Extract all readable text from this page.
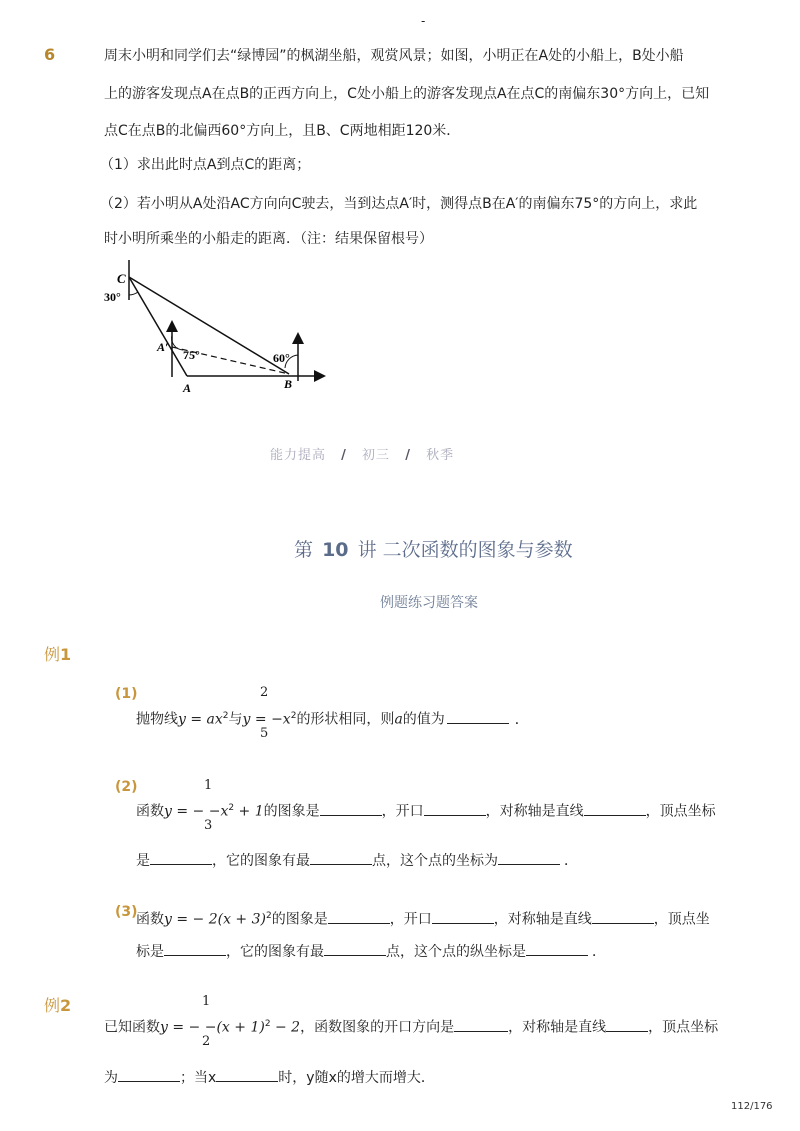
-
6	周末小明和同学们去“绿博园”的枫湖坐船，观赏风景；如图，小明正在A处的小船上，B处小船
上的游客发现点A在点B的正西方向上，C处小船上的游客发现点A在点C的南偏东30°方向上，已知
点C在点B的北偏西60°方向上，且B、C两地相距120米．
（1）求出此时点A到点C的距离；
（2）若小明从A处沿AC方向向C驶去，当到达点A′时，测得点B在A′的南偏东75°的方向上，求此
时小明所乘坐的小船走的距离．（注：结果保留根号）
C
30°
A′
75°
A
60°
B
能力提高 / 初三 / 秋季
第 10 讲 二次函数的图象与参数
例题练习题答案
例1
(1)	2
5
抛物线$y = ax^2$与$y = -x^2$的形状相同，则a的值为	．
(2)	1
3
函数y = − $-x^2 + 1$的图象是	，开口	，对称轴是直线	，顶点坐标
是	，它的图象有最	点，这个点的坐标为	．
(3)
函数y = − $2(x + 3)^2$的图象是	，开口	，对称轴是直线	，顶点坐
标是	，它的图象有最	点，这个点的纵坐标是	．
例2	1
2
已知函数y = − $-(x + 1)^2 - 2$，函数图象的开口方向是	，对称轴是直线	，顶点坐标
为	；当x	时，y随x的增大而增大．
112/176
